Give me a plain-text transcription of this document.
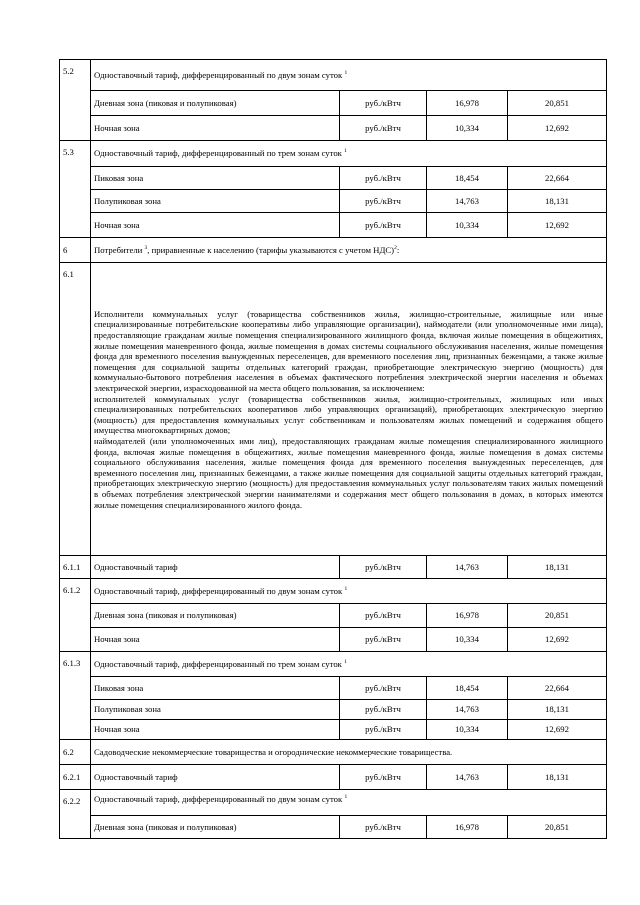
5.2	Одноставочный тариф, дифференцированный по двум зонам суток $^1$
	Дневная зона (пиковая и полупиковая)	руб./кВтч	16,978	20,851
	Ночная зона	руб./кВтч	10,334	12,692
5.3	Одноставочный тариф, дифференцированный по трем зонам суток $^1$
	Пиковая зона	руб./кВтч	18,454	22,664
	Полупиковая зона	руб./кВтч	14,763	18,131
	Ночная зона	руб./кВтч	10,334	12,692
6	Потребители $^3$, приравненные к населению (тарифы указываются с учетом НДС)$^2$:			
6.1	Исполнители коммунальных услуг (товарищества собственников жилья, жилищно-строительные, жилищные или иные специализированные потребительские кооперативы либо управляющие организации), наймодатели (или уполномоченные ими лица), предоставляющие гражданам жилые помещения специализированного жилищного фонда, включая жилые помещения в общежитиях, жилые помещения маневренного фонда, жилые помещения в домах системы социального обслуживания населения, жилые помещения фонда для временного поселения вынужденных переселенцев, для временного поселения лиц, признанных беженцами, а также жилые помещения для социальной защиты отдельных категорий граждан, приобретающие электрическую энергию (мощность) для коммунально-бытового потребления населения в объемах фактического потребления электрической энергии населения и объемах электрической энергии, израсходованной на места общего пользования, за исключением:
исполнителей коммунальных услуг (товарищества собственников жилья, жилищно-строительных, жилищных или иных специализированных потребительских кооперативов либо управляющих организаций), приобретающих электрическую энергию (мощность) для предоставления коммунальных услуг собственникам и пользователям жилых помещений и содержания общего имущества многоквартирных домов;
наймодателей (или уполномоченных ими лиц), предоставляющих гражданам жилые помещения специализированного жилищного фонда, включая жилые помещения в общежитиях, жилые помещения маневренного фонда, жилые помещения в домах системы социального обслуживания населения, жилые помещения фонда для временного поселения вынужденных переселенцев, для временного поселения лиц, признанных беженцами, а также жилые помещения для социальной защиты отдельных категорий граждан, приобретающих электрическую энергию (мощность) для предоставления коммунальных услуг пользователям таких жилых помещений в объемах потребления электрической энергии нанимателями и содержания мест общего пользования в домах, в которых имеются жилые помещения специализированного жилого фонда.			

6.1.1	Одноставочный тариф	руб./кВтч	14,763	18,131
6.1.2	Одноставочный тариф, дифференцированный по двум зонам суток $^1$
	Дневная зона (пиковая и полупиковая)	руб./кВтч	16,978	20,851
	Ночная зона	руб./кВтч	10,334	12,692
6.1.3	Одноставочный тариф, дифференцированный по трем зонам суток $^1$
	Пиковая зона	руб./кВтч	18,454	22,664
	Полупиковая зона	руб./кВтч	14,763	18,131
	Ночная зона	руб./кВтч	10,334	12,692
6.2	Садоводческие некоммерческие товарищества и огороднические некоммерческие товарищества.			
6.2.1	Одноставочный тариф	руб./кВтч	14,763	18,131
6.2.2	Одноставочный тариф, дифференцированный по двум зонам суток $^1$
	Дневная зона (пиковая и полупиковая)	руб./кВтч	16,978	20,851
